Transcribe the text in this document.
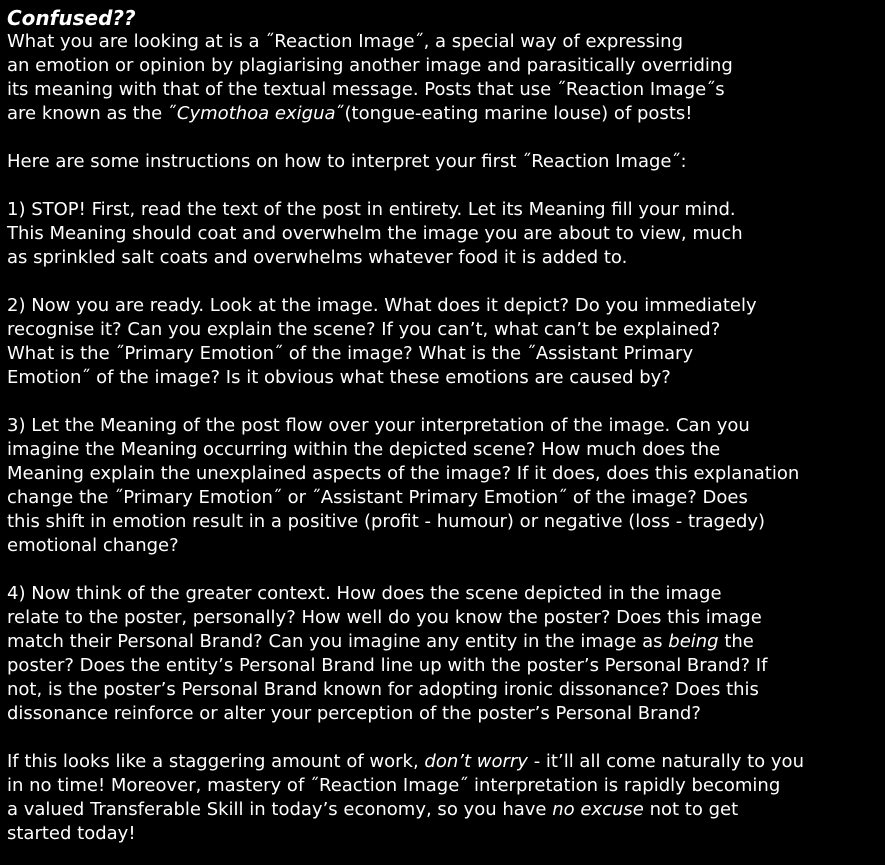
Confused??

What you are looking at is a ˝Reaction Image˝, a special way of expressing
an emotion or opinion by plagiarising another image and parasitically overriding
its meaning with that of the textual message. Posts that use ˝Reaction Image˝s
are known as the ˝Cymothoa exigua˝(tongue-eating marine louse) of posts!

Here are some instructions on how to interpret your first ˝Reaction Image˝:

1) STOP! First, read the text of the post in entirety. Let its Meaning fill your mind.
This Meaning should coat and overwhelm the image you are about to view, much
as sprinkled salt coats and overwhelms whatever food it is added to.

2) Now you are ready. Look at the image. What does it depict? Do you immediately
recognise it? Can you explain the scene? If you can’t, what can’t be explained?
What is the ˝Primary Emotion˝ of the image? What is the ˝Assistant Primary
Emotion˝ of the image? Is it obvious what these emotions are caused by?

3) Let the Meaning of the post flow over your interpretation of the image. Can you
imagine the Meaning occurring within the depicted scene? How much does the
Meaning explain the unexplained aspects of the image? If it does, does this explanation
change the ˝Primary Emotion˝ or ˝Assistant Primary Emotion˝ of the image? Does
this shift in emotion result in a positive (profit - humour) or negative (loss - tragedy)
emotional change?

4) Now think of the greater context. How does the scene depicted in the image
relate to the poster, personally? How well do you know the poster? Does this image
match their Personal Brand? Can you imagine any entity in the image as being the
poster? Does the entity’s Personal Brand line up with the poster’s Personal Brand? If
not, is the poster’s Personal Brand known for adopting ironic dissonance? Does this
dissonance reinforce or alter your perception of the poster’s Personal Brand?

If this looks like a staggering amount of work, don’t worry - it’ll all come naturally to you
in no time! Moreover, mastery of ˝Reaction Image˝ interpretation is rapidly becoming
a valued Transferable Skill in today’s economy, so you have no excuse not to get
started today!
